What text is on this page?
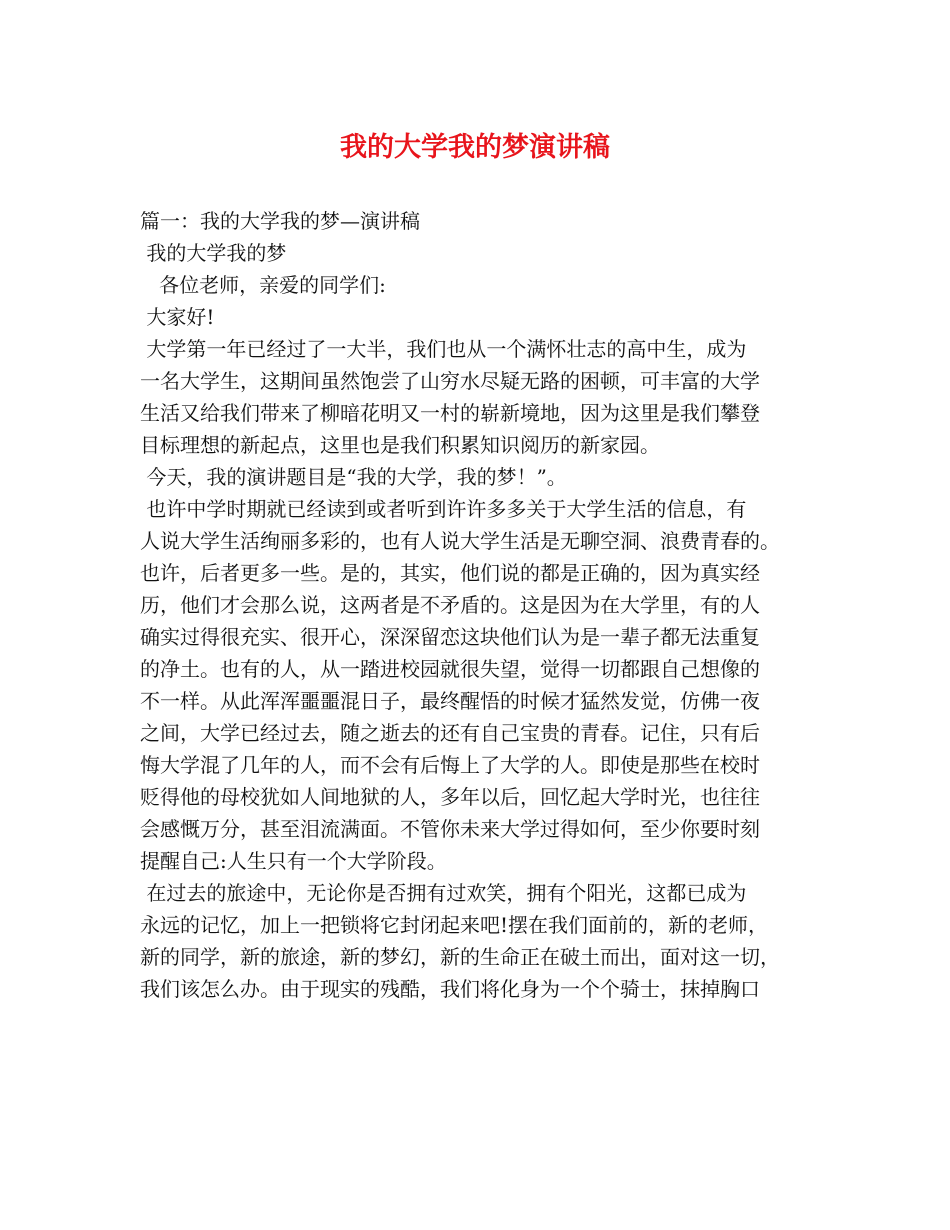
我的大学我的梦演讲稿

篇一：我的大学我的梦—演讲稿

我的大学我的梦

各位老师，亲爱的同学们:

大家好!

大学第一年已经过了一大半，我们也从一个满怀壮志的高中生，成为

一名大学生，这期间虽然饱尝了山穷水尽疑无路的困顿，可丰富的大学

生活又给我们带来了柳暗花明又一村的崭新境地，因为这里是我们攀登

目标理想的新起点，这里也是我们积累知识阅历的新家园。

今天，我的演讲题目是“我的大学，我的梦！”。

也许中学时期就已经读到或者听到许许多多关于大学生活的信息，有

人说大学生活绚丽多彩的，也有人说大学生活是无聊空洞、浪费青春的。

也许，后者更多一些。是的，其实，他们说的都是正确的，因为真实经

历，他们才会那么说，这两者是不矛盾的。这是因为在大学里，有的人

确实过得很充实、很开心，深深留恋这块他们认为是一辈子都无法重复

的净土。也有的人，从一踏进校园就很失望，觉得一切都跟自己想像的

不一样。从此浑浑噩噩混日子，最终醒悟的时候才猛然发觉，仿佛一夜

之间，大学已经过去，随之逝去的还有自己宝贵的青春。记住，只有后

悔大学混了几年的人，而不会有后悔上了大学的人。即使是那些在校时

贬得他的母校犹如人间地狱的人，多年以后，回忆起大学时光，也往往

会感慨万分，甚至泪流满面。不管你未来大学过得如何，至少你要时刻

提醒自己:人生只有一个大学阶段。

在过去的旅途中，无论你是否拥有过欢笑，拥有个阳光，这都已成为

永远的记忆，加上一把锁将它封闭起来吧!摆在我们面前的，新的老师，

新的同学，新的旅途，新的梦幻，新的生命正在破土而出，面对这一切，

我们该怎么办。由于现实的残酷，我们将化身为一个个骑士，抹掉胸口
